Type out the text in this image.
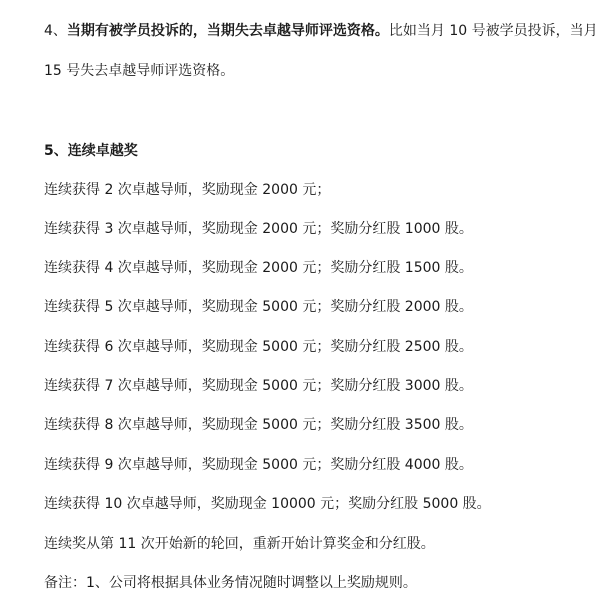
4、当期有被学员投诉的，当期失去卓越导师评选资格。比如当月 10 号被学员投诉，当月
15 号失去卓越导师评选资格。
5、连续卓越奖
连续获得 2 次卓越导师，奖励现金 2000 元；
连续获得 3 次卓越导师，奖励现金 2000 元；奖励分红股 1000 股。
连续获得 4 次卓越导师，奖励现金 2000 元；奖励分红股 1500 股。
连续获得 5 次卓越导师，奖励现金 5000 元；奖励分红股 2000 股。
连续获得 6 次卓越导师，奖励现金 5000 元；奖励分红股 2500 股。
连续获得 7 次卓越导师，奖励现金 5000 元；奖励分红股 3000 股。
连续获得 8 次卓越导师，奖励现金 5000 元；奖励分红股 3500 股。
连续获得 9 次卓越导师，奖励现金 5000 元；奖励分红股 4000 股。
连续获得 10 次卓越导师，奖励现金 10000 元；奖励分红股 5000 股。
连续奖从第 11 次开始新的轮回，重新开始计算奖金和分红股。
备注：1、公司将根据具体业务情况随时调整以上奖励规则。
